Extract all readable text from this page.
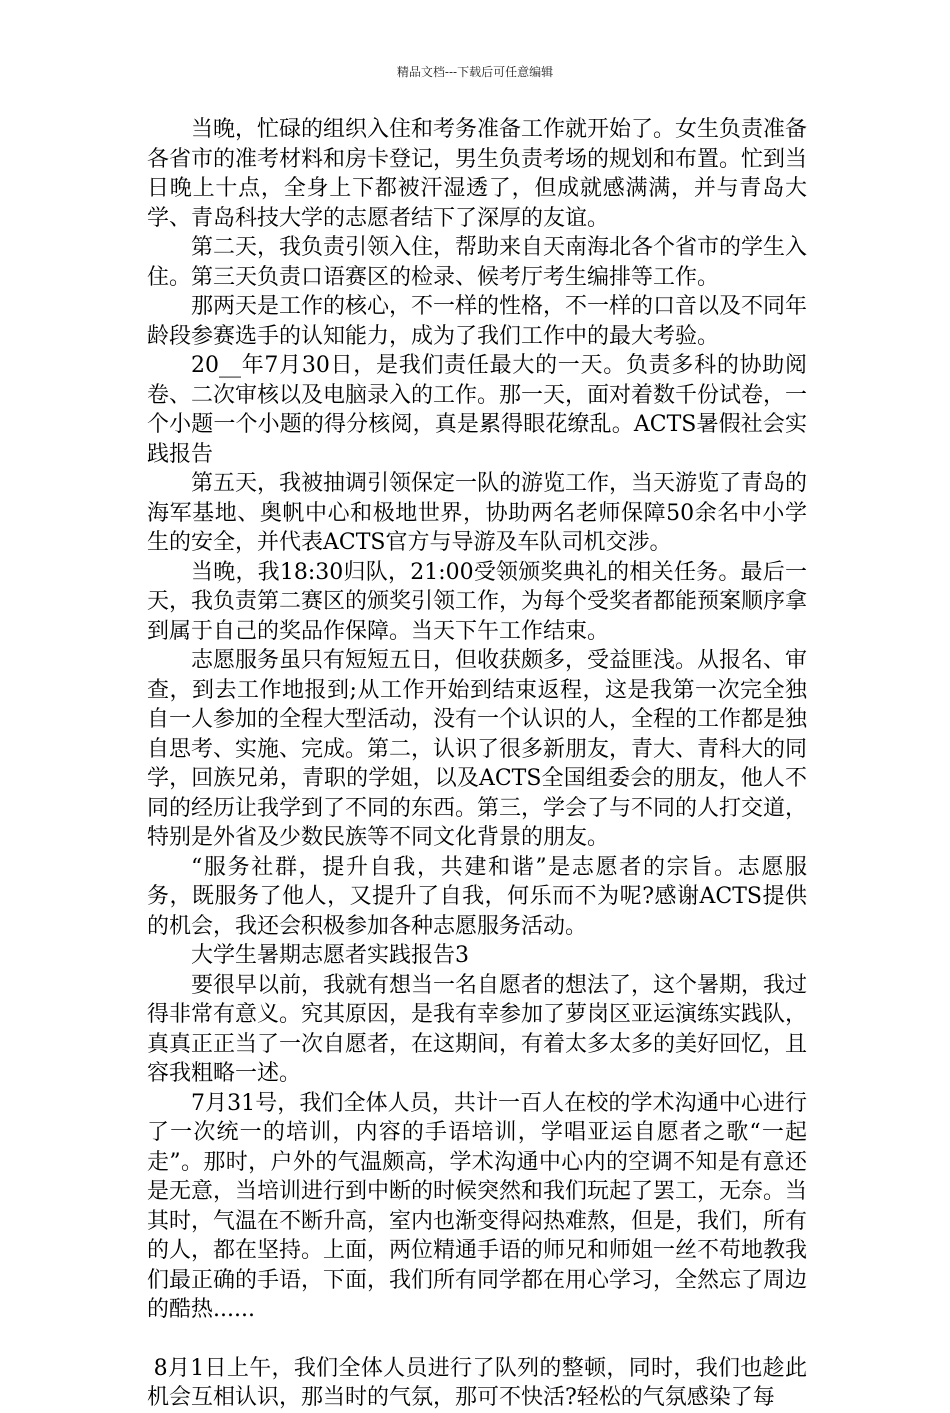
精品文档---下载后可任意编辑

当晚，忙碌的组织入住和考务准备工作就开始了。女生负责准备各省市的准考材料和房卡登记，男生负责考场的规划和布置。忙到当日晚上十点，全身上下都被汗湿透了，但成就感满满，并与青岛大学、青岛科技大学的志愿者结下了深厚的友谊。

第二天，我负责引领入住，帮助来自天南海北各个省市的学生入住。第三天负责口语赛区的检录、候考厅考生编排等工作。

那两天是工作的核心，不一样的性格，不一样的口音以及不同年龄段参赛选手的认知能力，成为了我们工作中的最大考验。

20__年7月30日，是我们责任最大的一天。负责多科的协助阅卷、二次审核以及电脑录入的工作。那一天，面对着数千份试卷，一个小题一个小题的得分核阅，真是累得眼花缭乱。ACTS暑假社会实践报告

第五天，我被抽调引领保定一队的游览工作，当天游览了青岛的海军基地、奥帆中心和极地世界，协助两名老师保障50余名中小学生的安全，并代表ACTS官方与导游及车队司机交涉。

当晚，我18:30归队，21:00受领颁奖典礼的相关任务。最后一天，我负责第二赛区的颁奖引领工作，为每个受奖者都能预案顺序拿到属于自己的奖品作保障。当天下午工作结束。

志愿服务虽只有短短五日，但收获颇多，受益匪浅。从报名、审查，到去工作地报到;从工作开始到结束返程，这是我第一次完全独自一人参加的全程大型活动，没有一个认识的人，全程的工作都是独自思考、实施、完成。第二，认识了很多新朋友，青大、青科大的同学，回族兄弟，青职的学姐，以及ACTS全国组委会的朋友，他人不同的经历让我学到了不同的东西。第三，学会了与不同的人打交道，特别是外省及少数民族等不同文化背景的朋友。

“服务社群，提升自我，共建和谐”是志愿者的宗旨。志愿服务，既服务了他人，又提升了自我，何乐而不为呢?感谢ACTS提供的机会，我还会积极参加各种志愿服务活动。

大学生暑期志愿者实践报告3

要很早以前，我就有想当一名自愿者的想法了，这个暑期，我过得非常有意义。究其原因，是我有幸参加了萝岗区亚运演练实践队，真真正正当了一次自愿者，在这期间，有着太多太多的美好回忆，且容我粗略一述。

7月31号，我们全体人员，共计一百人在校的学术沟通中心进行了一次统一的培训，内容的手语培训，学唱亚运自愿者之歌“一起走”。那时，户外的气温颇高，学术沟通中心内的空调不知是有意还是无意，当培训进行到中断的时候突然和我们玩起了罢工，无奈。当其时，气温在不断升高，室内也渐变得闷热难熬，但是，我们，所有的人，都在坚持。上面，两位精通手语的师兄和师姐一丝不苟地教我们最正确的手语，下面，我们所有同学都在用心学习，全然忘了周边的酷热......

8月1日上午，我们全体人员进行了队列的整顿，同时，我们也趁此机会互相认识，那当时的气氛，那可不快活?轻松的气氛感染了每
